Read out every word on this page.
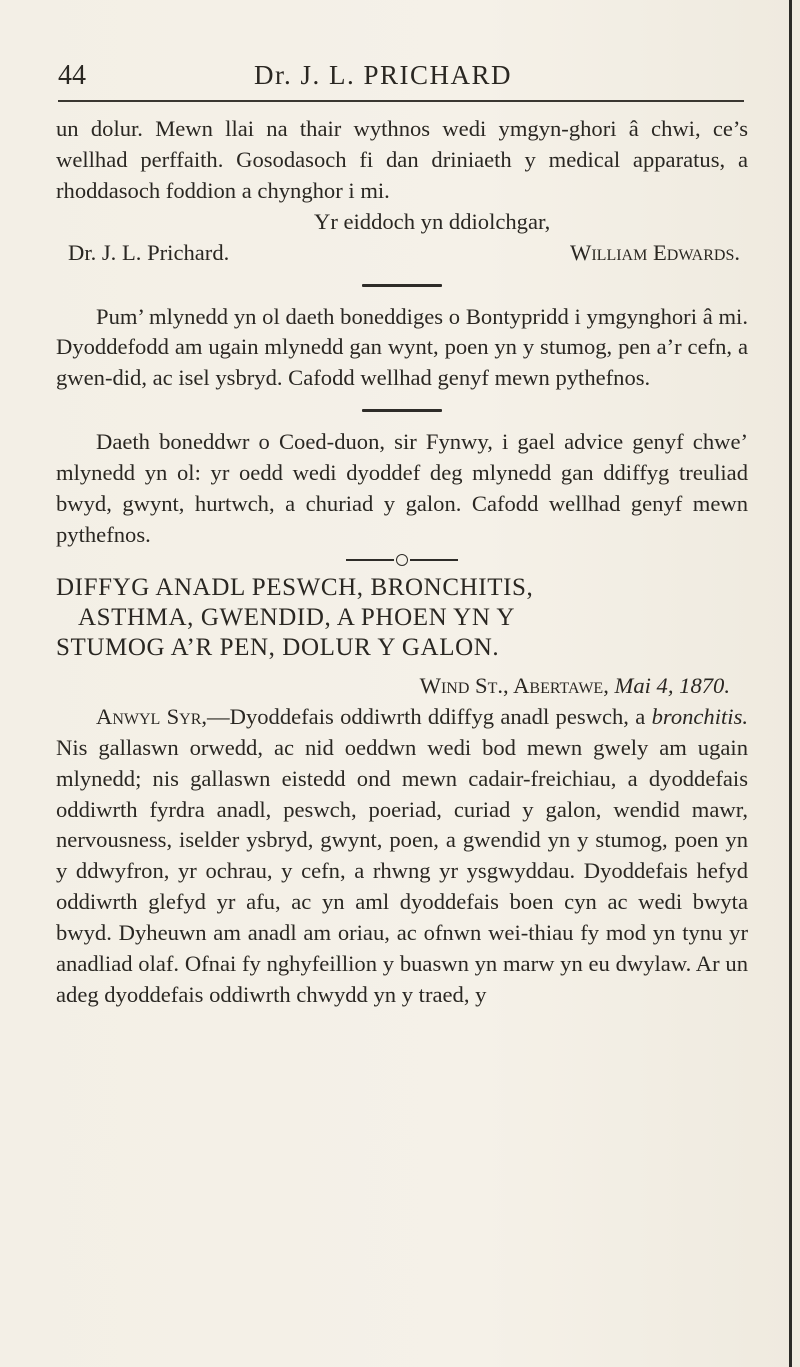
44	Dr. J. L. PRICHARD

un dolur. Mewn llai na thair wythnos wedi ymgyn-ghori â chwi, ce’s wellhad perffaith. Gosodasoch fi dan driniaeth y medical apparatus, a rhoddasoch foddion a chynghor i mi.

Yr eiddoch yn ddiolchgar,

Dr. J. L. Prichard.	William Edwards.

Pum’ mlynedd yn ol daeth boneddiges o Bontypridd i ymgynghori â mi. Dyoddefodd am ugain mlynedd gan wynt, poen yn y stumog, pen a’r cefn, a gwen-did, ac isel ysbryd. Cafodd wellhad genyf mewn pythefnos.

Daeth boneddwr o Coed-duon, sir Fynwy, i gael advice genyf chwe’ mlynedd yn ol: yr oedd wedi dyoddef deg mlynedd gan ddiffyg treuliad bwyd, gwynt, hurtwch, a churiad y galon. Cafodd wellhad genyf mewn pythefnos.

DIFFYG ANADL PESWCH, BRONCHITIS,
ASTHMA, GWENDID, A PHOEN YN Y
STUMOG A’R PEN, DOLUR Y GALON.
Wind St., Abertawe, Mai 4, 1870.

Anwyl Syr,—Dyoddefais oddiwrth ddiffyg anadl peswch, a bronchitis. Nis gallaswn orwedd, ac nid oeddwn wedi bod mewn gwely am ugain mlynedd; nis gallaswn eistedd ond mewn cadair-freichiau, a dyoddefais oddiwrth fyrdra anadl, peswch, poeriad, curiad y galon, wendid mawr, nervousness, iselder ysbryd, gwynt, poen, a gwendid yn y stumog, poen yn y ddwyfron, yr ochrau, y cefn, a rhwng yr ysgwyddau. Dyoddefais hefyd oddiwrth glefyd yr afu, ac yn aml dyoddefais boen cyn ac wedi bwyta bwyd. Dyheuwn am anadl am oriau, ac ofnwn wei-thiau fy mod yn tynu yr anadliad olaf. Ofnai fy nghyfeillion y buaswn yn marw yn eu dwylaw. Ar un adeg dyoddefais oddiwrth chwydd yn y traed, y
